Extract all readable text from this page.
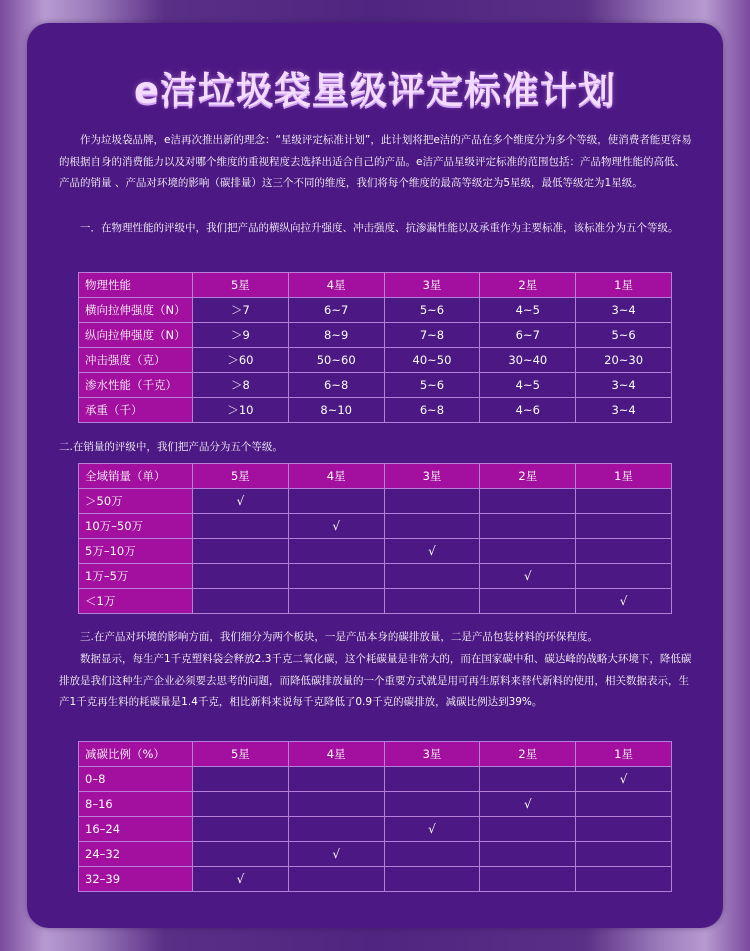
e洁垃圾袋星级评定标准计划
作为垃圾袋品牌，e洁再次推出新的理念：“星级评定标准计划”，此计划将把e洁的产品在多个维度分为多个等级，使消费者能更容易的根据自身的消费能力以及对哪个维度的重视程度去选择出适合自己的产品。e洁产品星级评定标准的范围包括：产品物理性能的高低、产品的销量 、产品对环境的影响（碳排量）这三个不同的维度，我们将每个维度的最高等级定为5星级，最低等级定为1星级。
一．在物理性能的评级中，我们把产品的横纵向拉升强度、冲击强度、抗渗漏性能以及承重作为主要标准，该标准分为五个等级。
物理性能	5星	4星	3星	2星	1星
横向拉伸强度（N）	＞7	6~7	5~6	4~5	3~4
纵向拉伸强度（N）	＞9	8~9	7~8	6~7	5~6
冲击强度（克）	＞60	50~60	40~50	30~40	20~30
渗水性能（千克）	＞8	6~8	5~6	4~5	3~4
承重（千）	＞10	8~10	6~8	4~6	3~4
二.在销量的评级中，我们把产品分为五个等级。
全域销量（单）	5星	4星	3星	2星	1星
＞50万	√				
10万–50万		√			
5万–10万			√		
1万–5万				√	
＜1万					√
三.在产品对环境的影响方面，我们细分为两个板块，一是产品本身的碳排放量，二是产品包装材料的环保程度。
数据显示，每生产1千克塑料袋会释放2.3千克二氧化碳，这个耗碳量是非常大的，而在国家碳中和、碳达峰的战略大环境下，降低碳排放是我们这种生产企业必须要去思考的问题，而降低碳排放量的一个重要方式就是用可再生原料来替代新料的使用，相关数据表示，生产1千克再生料的耗碳量是1.4千克，相比新料来说每千克降低了0.9千克的碳排放，减碳比例达到39%。
减碳比例（%）	5星	4星	3星	2星	1星
0–8					√
8–16				√	
16–24			√		
24–32		√			
32–39	√				
